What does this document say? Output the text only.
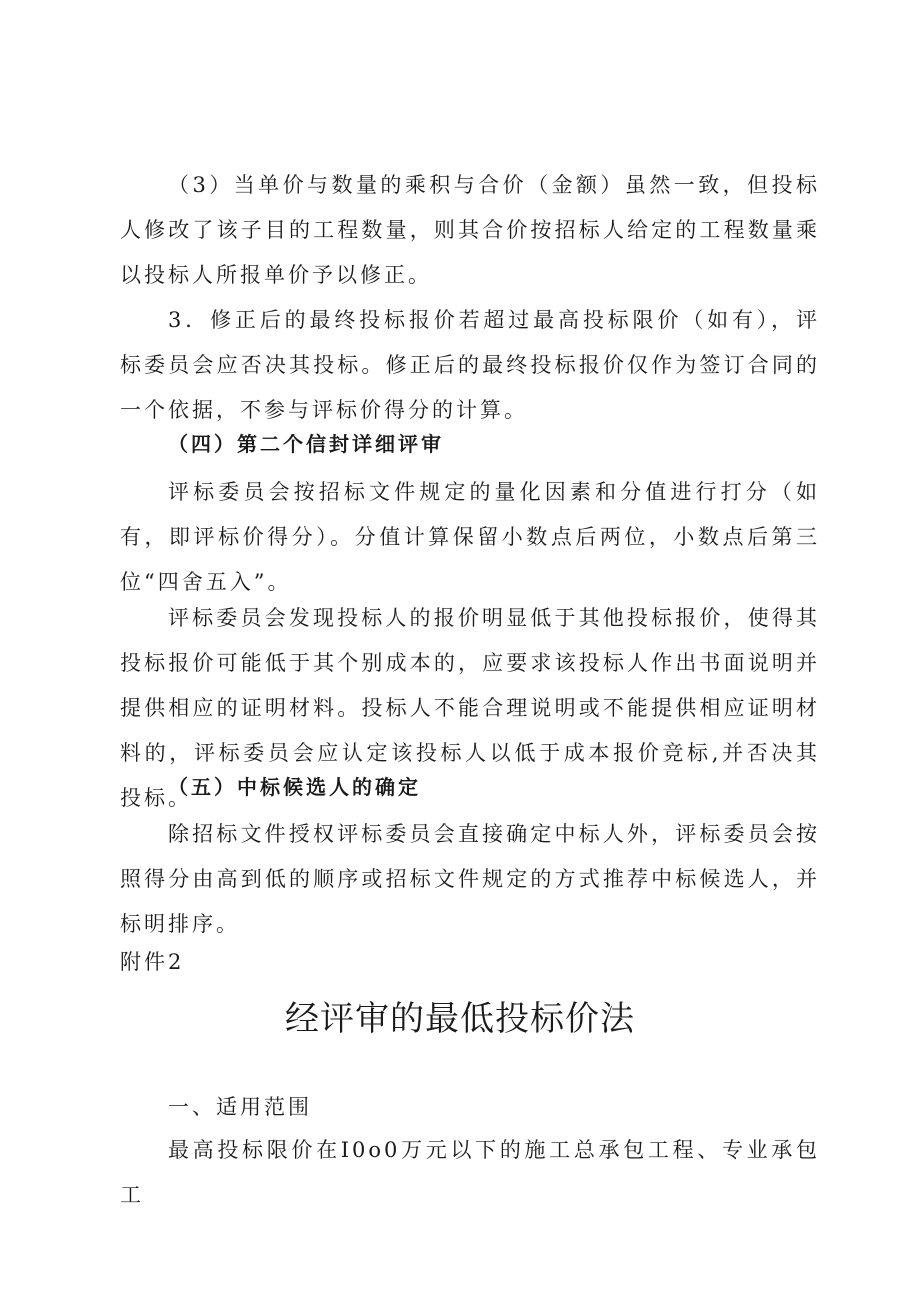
（3）当单价与数量的乘积与合价（金额）虽然一致，但投标人修改了该子目的工程数量，则其合价按招标人给定的工程数量乘以投标人所报单价予以修正。

3．修正后的最终投标报价若超过最高投标限价（如有），评标委员会应否决其投标。修正后的最终投标报价仅作为签订合同的一个依据，不参与评标价得分的计算。

（四）第二个信封详细评审

评标委员会按招标文件规定的量化因素和分值进行打分（如有，即评标价得分）。分值计算保留小数点后两位，小数点后第三位“四舍五入”。

评标委员会发现投标人的报价明显低于其他投标报价，使得其投标报价可能低于其个别成本的，应要求该投标人作出书面说明并提供相应的证明材料。投标人不能合理说明或不能提供相应证明材料的，评标委员会应认定该投标人以低于成本报价竞标,并否决其投标。

（五）中标候选人的确定

除招标文件授权评标委员会直接确定中标人外，评标委员会按照得分由高到低的顺序或招标文件规定的方式推荐中标候选人，并标明排序。

附件2

经评审的最低投标价法

一、适用范围

最高投标限价在I0o0万元以下的施工总承包工程、专业承包工
